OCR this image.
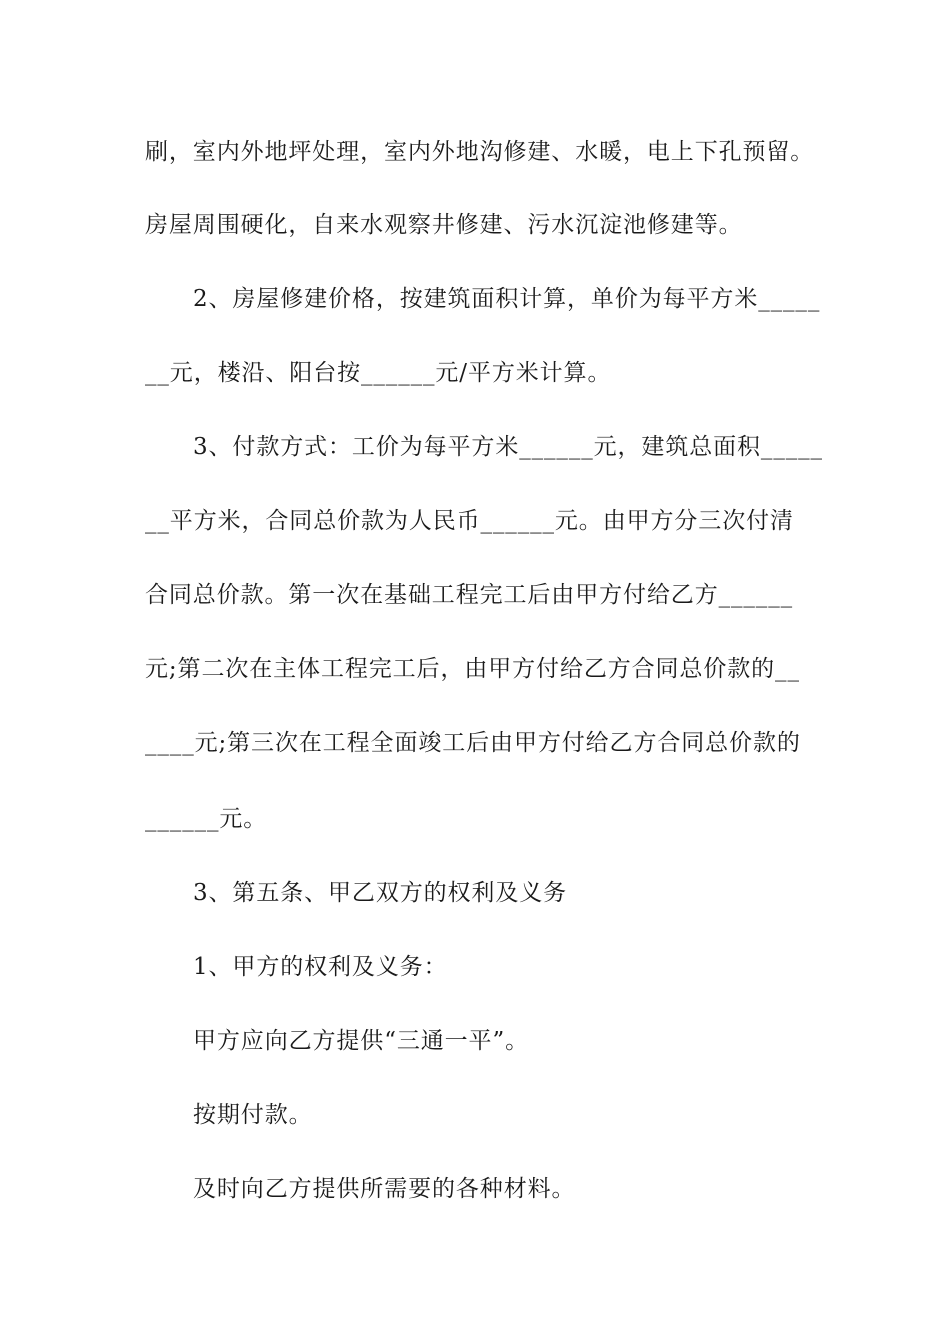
刷，室内外地坪处理，室内外地沟修建、水暖，电上下孔预留。
房屋周围硬化，自来水观察井修建、污水沉淀池修建等。
2、房屋修建价格，按建筑面积计算，单价为每平方米_____
__元，楼沿、阳台按______元/平方米计算。
3、付款方式：工价为每平方米______元，建筑总面积_____
__平方米，合同总价款为人民币______元。由甲方分三次付清
合同总价款。第一次在基础工程完工后由甲方付给乙方______
元;第二次在主体工程完工后，由甲方付给乙方合同总价款的__
____元;第三次在工程全面竣工后由甲方付给乙方合同总价款的
______元。
3、第五条、甲乙双方的权利及义务
1、甲方的权利及义务：
甲方应向乙方提供“三通一平”。
按期付款。
及时向乙方提供所需要的各种材料。
